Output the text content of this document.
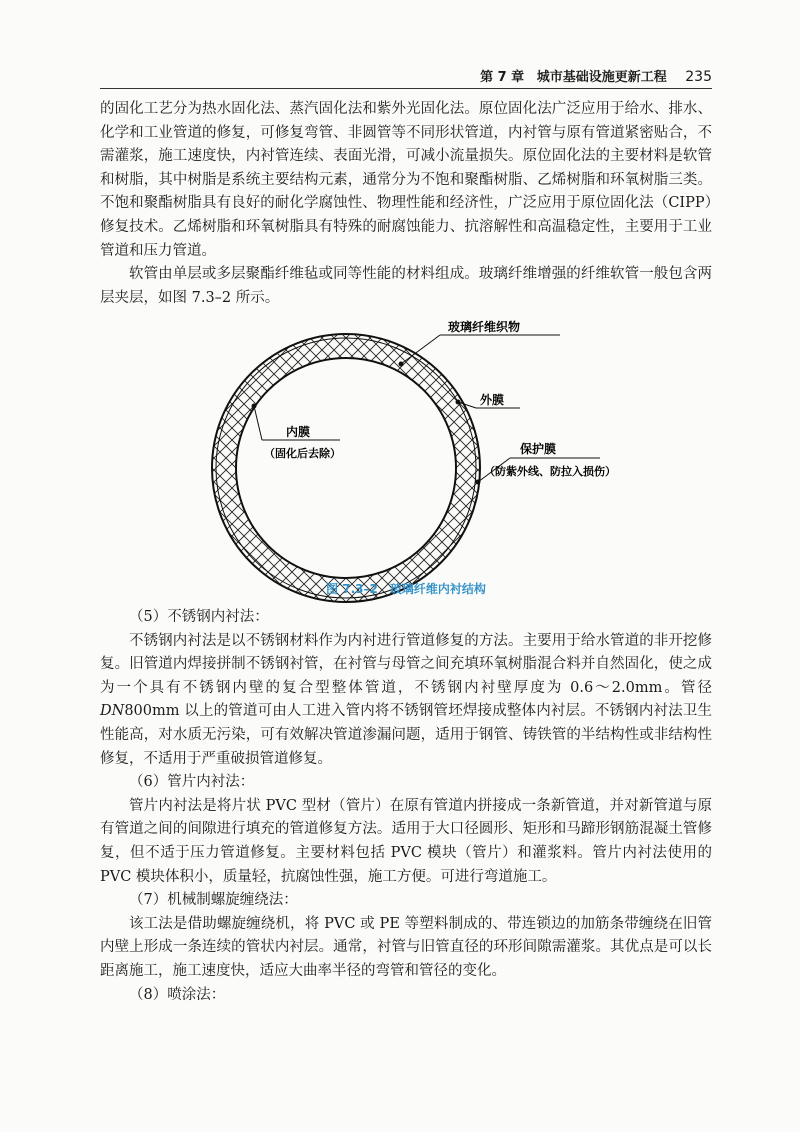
第 7 章 城市基础设施更新工程 235

的固化工艺分为热水固化法、蒸汽固化法和紫外光固化法。原位固化法广泛应用于给水、排水、化学和工业管道的修复，可修复弯管、非圆管等不同形状管道，内衬管与原有管道紧密贴合，不需灌浆，施工速度快，内衬管连续、表面光滑，可减小流量损失。原位固化法的主要材料是软管和树脂，其中树脂是系统主要结构元素，通常分为不饱和聚酯树脂、乙烯树脂和环氧树脂三类。不饱和聚酯树脂具有良好的耐化学腐蚀性、物理性能和经济性，广泛应用于原位固化法（CIPP）修复技术。乙烯树脂和环氧树脂具有特殊的耐腐蚀能力、抗溶解性和高温稳定性，主要用于工业管道和压力管道。

软管由单层或多层聚酯纤维毡或同等性能的材料组成。玻璃纤维增强的纤维软管一般包含两层夹层，如图 7.3–2 所示。

玻璃纤维织物
外膜
内膜
（固化后去除）	保护膜
（防紫外线、防拉入损伤）
图 7.3–2 玻璃纤维内衬结构

（5）不锈钢内衬法：

不锈钢内衬法是以不锈钢材料作为内衬进行管道修复的方法。主要用于给水管道的非开挖修复。旧管道内焊接拼制不锈钢衬管，在衬管与母管之间充填环氧树脂混合料并自然固化，使之成为一个具有不锈钢内壁的复合型整体管道，不锈钢内衬壁厚度为 0.6～2.0mm。管径 DN800mm 以上的管道可由人工进入管内将不锈钢管坯焊接成整体内衬层。不锈钢内衬法卫生性能高，对水质无污染，可有效解决管道渗漏问题，适用于钢管、铸铁管的半结构性或非结构性修复，不适用于严重破损管道修复。

（6）管片内衬法：

管片内衬法是将片状 PVC 型材（管片）在原有管道内拼接成一条新管道，并对新管道与原有管道之间的间隙进行填充的管道修复方法。适用于大口径圆形、矩形和马蹄形钢筋混凝土管修复，但不适于压力管道修复。主要材料包括 PVC 模块（管片）和灌浆料。管片内衬法使用的 PVC 模块体积小，质量轻，抗腐蚀性强，施工方便。可进行弯道施工。

（7）机械制螺旋缠绕法：

该工法是借助螺旋缠绕机，将 PVC 或 PE 等塑料制成的、带连锁边的加筋条带缠绕在旧管内壁上形成一条连续的管状内衬层。通常，衬管与旧管直径的环形间隙需灌浆。其优点是可以长距离施工，施工速度快，适应大曲率半径的弯管和管径的变化。

（8）喷涂法：
